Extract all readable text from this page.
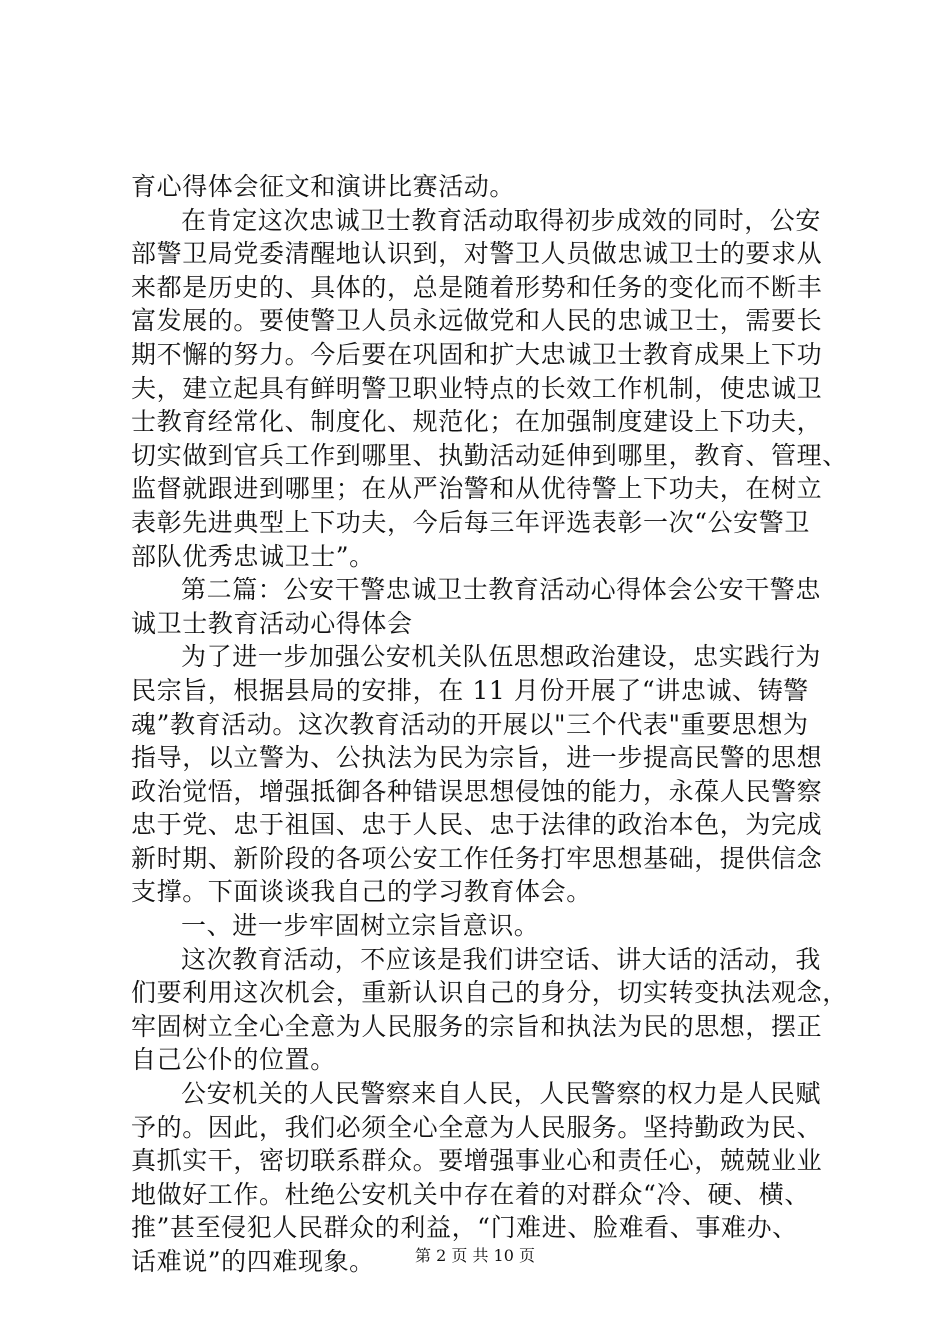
育心得体会征文和演讲比赛活动。
在肯定这次忠诚卫士教育活动取得初步成效的同时，公安
部警卫局党委清醒地认识到，对警卫人员做忠诚卫士的要求从
来都是历史的、具体的，总是随着形势和任务的变化而不断丰
富发展的。要使警卫人员永远做党和人民的忠诚卫士，需要长
期不懈的努力。今后要在巩固和扩大忠诚卫士教育成果上下功
夫，建立起具有鲜明警卫职业特点的长效工作机制，使忠诚卫
士教育经常化、制度化、规范化；在加强制度建设上下功夫，
切实做到官兵工作到哪里、执勤活动延伸到哪里，教育、管理、
监督就跟进到哪里；在从严治警和从优待警上下功夫，在树立
表彰先进典型上下功夫，今后每三年评选表彰一次“公安警卫
部队优秀忠诚卫士”。
第二篇：公安干警忠诚卫士教育活动心得体会公安干警忠
诚卫士教育活动心得体会
为了进一步加强公安机关队伍思想政治建设，忠实践行为
民宗旨，根据县局的安排，在 11 月份开展了“讲忠诚、铸警
魂”教育活动。这次教育活动的开展以"三个代表"重要思想为
指导，以立警为、公执法为民为宗旨，进一步提高民警的思想
政治觉悟，增强抵御各种错误思想侵蚀的能力，永葆人民警察
忠于党、忠于祖国、忠于人民、忠于法律的政治本色，为完成
新时期、新阶段的各项公安工作任务打牢思想基础，提供信念
支撑。下面谈谈我自己的学习教育体会。
一、进一步牢固树立宗旨意识。
这次教育活动，不应该是我们讲空话、讲大话的活动，我
们要利用这次机会，重新认识自己的身分，切实转变执法观念，
牢固树立全心全意为人民服务的宗旨和执法为民的思想，摆正
自己公仆的位置。
公安机关的人民警察来自人民，人民警察的权力是人民赋
予的。因此，我们必须全心全意为人民服务。坚持勤政为民、
真抓实干，密切联系群众。要增强事业心和责任心，兢兢业业
地做好工作。杜绝公安机关中存在着的对群众“冷、硬、横、
推”甚至侵犯人民群众的利益，“门难进、脸难看、事难办、
话难说”的四难现象。	第 2 页 共 10 页
